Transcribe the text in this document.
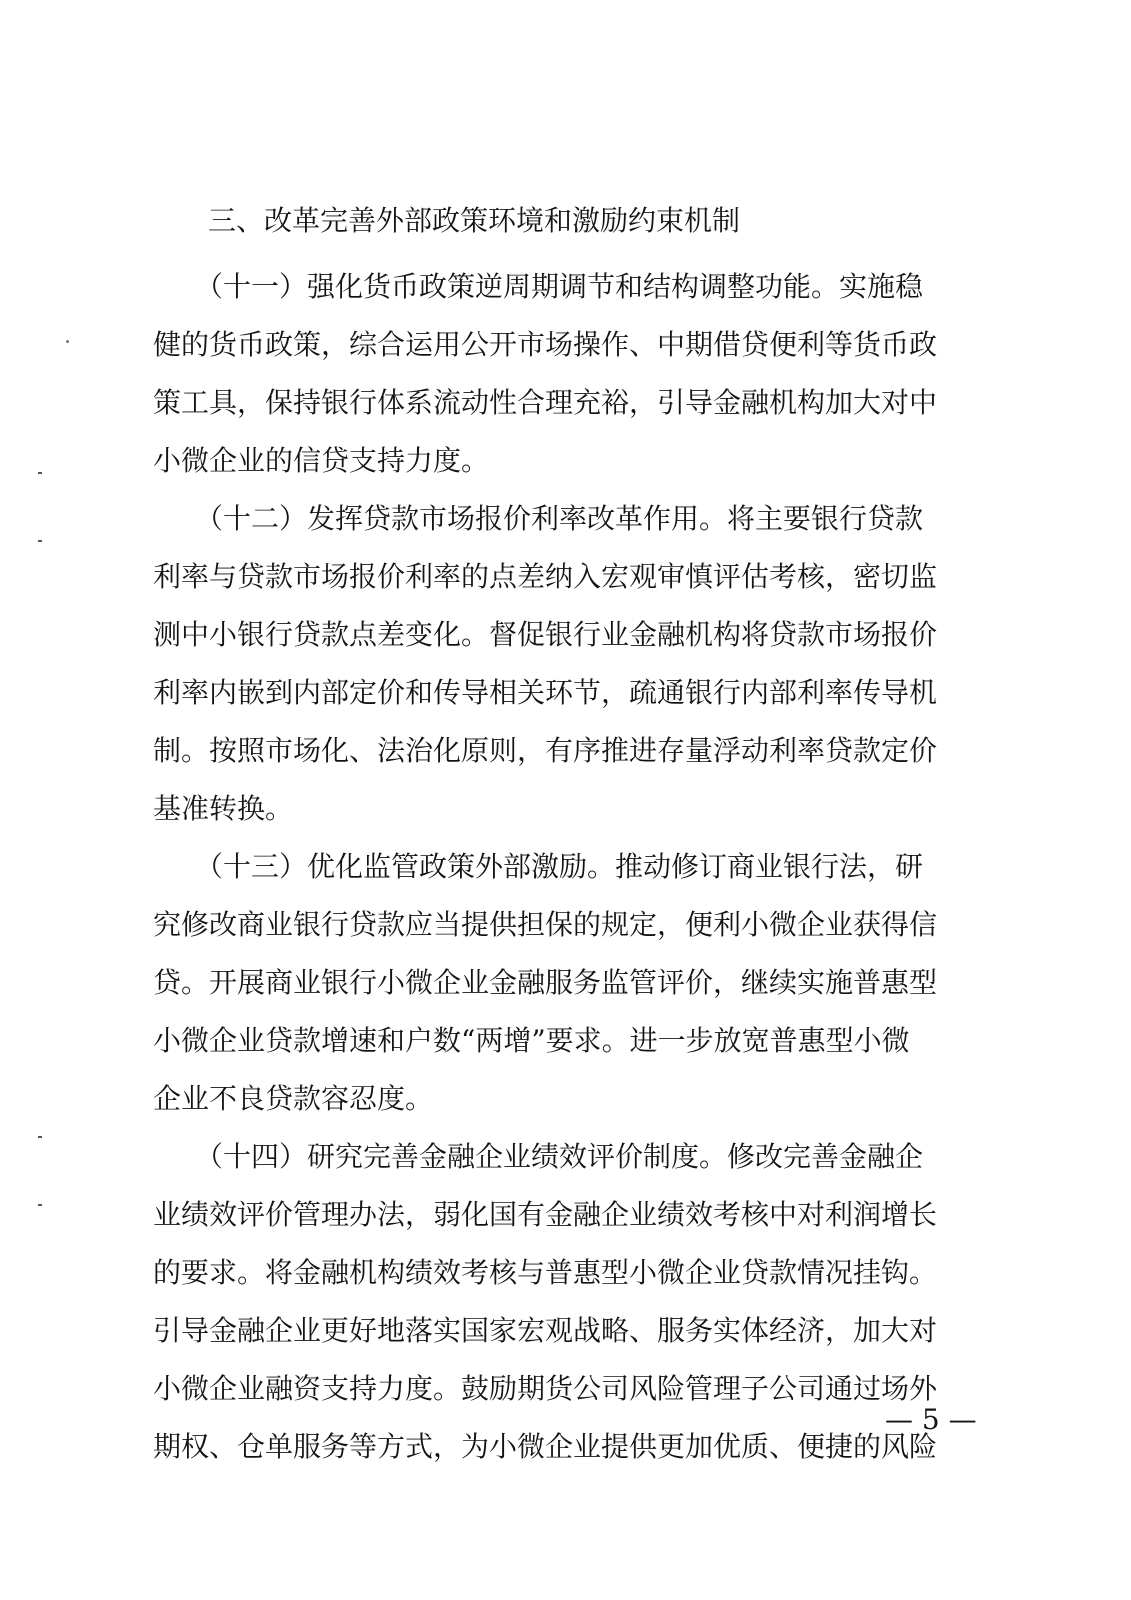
三、改革完善外部政策环境和激励约束机制
　　（十一）强化货币政策逆周期调节和结构调整功能。实施稳
健的货币政策，综合运用公开市场操作、中期借贷便利等货币政
策工具，保持银行体系流动性合理充裕，引导金融机构加大对中
小微企业的信贷支持力度。
　　（十二）发挥贷款市场报价利率改革作用。将主要银行贷款
利率与贷款市场报价利率的点差纳入宏观审慎评估考核，密切监
测中小银行贷款点差变化。督促银行业金融机构将贷款市场报价
利率内嵌到内部定价和传导相关环节，疏通银行内部利率传导机
制。按照市场化、法治化原则，有序推进存量浮动利率贷款定价
基准转换。
　　（十三）优化监管政策外部激励。推动修订商业银行法，研
究修改商业银行贷款应当提供担保的规定，便利小微企业获得信
贷。开展商业银行小微企业金融服务监管评价，继续实施普惠型
小微企业贷款增速和户数“两增”要求。进一步放宽普惠型小微
企业不良贷款容忍度。
　　（十四）研究完善金融企业绩效评价制度。修改完善金融企
业绩效评价管理办法，弱化国有金融企业绩效考核中对利润增长
的要求。将金融机构绩效考核与普惠型小微企业贷款情况挂钩。
引导金融企业更好地落实国家宏观战略、服务实体经济，加大对
小微企业融资支持力度。鼓励期货公司风险管理子公司通过场外
期权、仓单服务等方式，为小微企业提供更加优质、便捷的风险
— 5 —
